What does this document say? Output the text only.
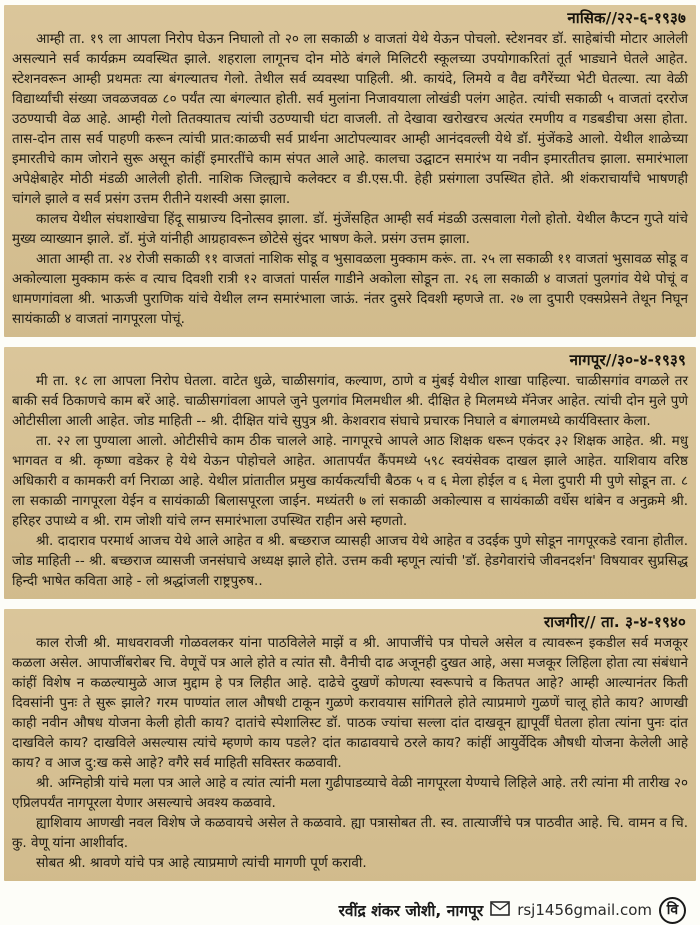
नासिक//२२-६-१९३७

आम्ही ता. १९ ला आपला निरोप घेऊन निघालो तो २० ला सकाळी ४ वाजतां येथे येऊन पोचलो. स्टेशनवर डॉ. साहेबांची मोटार आलेली असल्याने सर्व कार्यक्रम व्यवस्थित झाले. शहराला लागूनच दोन मोठे बंगले मिलिटरी स्कूलच्या उपयोगाकरितां तूर्त भाड्याने घेतले आहेत. स्टेशनवरून आम्ही प्रथमतः त्या बंगल्यातच गेलो. तेथील सर्व व्यवस्था पाहिली. श्री. कायंदे, लिमये व वैद्य वगैरेंच्या भेटी घेतल्या. त्या वेळी विद्यार्थ्यांची संख्या जवळजवळ ८० पर्यंत त्या बंगल्यात होती. सर्व मुलांना निजावयाला लोखंडी पलंग आहेत. त्यांची सकाळी ५ वाजतां दररोज उठण्याची वेळ आहे. आम्ही गेलो तितक्यातच त्यांची उठण्याची घंटा वाजली. तो देखावा खरोखरच अत्यंत रमणीय व गडबडीचा असा होता. तास-दोन तास सर्व पाहणी करून त्यांची प्रात:काळची सर्व प्रार्थना आटोपल्यावर आम्ही आनंदवल्ली येथे डॉ. मुंजेंकडे आलो. येथील शाळेच्या इमारतीचे काम जोराने सुरू असून कांहीं इमारतींचे काम संपत आले आहे. कालचा उद्घाटन समारंभ या नवीन इमारतीतच झाला. समारंभाला अपेक्षेबाहेर मोठी मंडळी आलेली होती. नाशिक जिल्ह्याचे कलेक्टर व डी.एस.पी. हेही प्रसंगाला उपस्थित होते. श्री शंकराचार्यांचे भाषणही चांगले झाले व सर्व प्रसंग उत्तम रीतीने यशस्वी असा झाला.

कालच येथील संघशाखेचा हिंदू साम्राज्य दिनोत्सव झाला. डॉ. मुंजेंसहित आम्ही सर्व मंडळी उत्सवाला गेलो होतो. येथील कैप्टन गुप्ते यांचे मुख्य व्याख्यान झाले. डॉ. मुंजे यांनीही आग्रहावरून छोटेसे सुंदर भाषण केले. प्रसंग उत्तम झाला.

आता आम्ही ता. २४ रोजी सकाळी ११ वाजतां नाशिक सोडू व भुसावळला मुक्काम करूं. ता. २५ ला सकाळी ११ वाजतां भुसावळ सोडू व अकोल्याला मुक्काम करूं व त्याच दिवशी रात्री १२ वाजतां पार्सल गाडीने अकोला सोडून ता. २६ ला सकाळी ४ वाजतां पुलगांव येथे पोचूं व धामणगांवला श्री. भाऊजी पुराणिक यांचे येथील लग्न समारंभाला जाऊं. नंतर दुसरे दिवशी म्हणजे ता. २७ ला दुपारी एक्सप्रेसने तेथून निघून सायंकाळी ४ वाजतां नागपूरला पोचूं.

नागपूर//३०-४-१९३९

मी ता. १८ ला आपला निरोप घेतला. वाटेत धुळे, चाळीसगांव, कल्याण, ठाणे व मुंबई येथील शाखा पाहिल्या. चाळीसगांव वगळले तर बाकी सर्व ठिकाणचे काम बरें आहे. चाळीसगांवला आपले जुने पुलगांव मिलमधील श्री. दीक्षित हे मिलमध्ये मॅनेजर आहेत. त्यांची दोन मुले पुणे ओटीसीला आली आहेत. जोड माहिती -- श्री. दीक्षित यांचे सुपुत्र श्री. केशवराव संघाचे प्रचारक निघाले व बंगालमध्ये कार्यविस्तार केला.

ता. २२ ला पुण्याला आलो. ओटीसीचे काम ठीक चालले आहे. नागपूरचे आपले आठ शिक्षक धरून एकंदर ३२ शिक्षक आहेत. श्री. मधु भागवत व श्री. कृष्णा वडेकर हे येथे येऊन पोहोचले आहेत. आतापर्यंत कैंपमध्ये ५९८ स्वयंसेवक दाखल झाले आहेत. याशिवाय वरिष्ठ अधिकारी व कामकरी वर्ग निराळा आहे. येथील प्रांतातील प्रमुख कार्यकर्त्यांची बैठक ५ व ६ मेला होईल व ६ मेला दुपारी मी पुणे सोडून ता. ८ ला सकाळी नागपूरला येईन व सायंकाळी बिलासपूरला जाईन. मध्यंतरी ७ लां सकाळी अकोल्यास व सायंकाळी वर्धेस थांबेन व अनुक्रमे श्री. हरिहर उपाध्ये व श्री. राम जोशी यांचे लग्न समारंभाला उपस्थित राहीन असे म्हणतो.

श्री. दादाराव परमार्थ आजच येथे आले आहेत व श्री. बच्छराज व्यासही आजच येथे आहेत व उदईक पुणे सोडून नागपूरकडे रवाना होतील. जोड माहिती -- श्री. बच्छराज व्यासजी जनसंघाचे अध्यक्ष झाले होते. उत्तम कवी म्हणून त्यांची 'डॉ. हेडगेवारांचे जीवनदर्शन' विषयावर सुप्रसिद्ध हिन्दी भाषेत कविता आहे - लो श्रद्धांजली राष्ट्रपुरुष..

राजगीर// ता. ३-४-१९४०

काल रोजी श्री. माधवरावजी गोळवलकर यांना पाठविलेले माझें व श्री. आपाजींचे पत्र पोचले असेल व त्यावरून इकडील सर्व मजकूर कळला असेल. आपाजींबरोबर चि. वेणूचें पत्र आले होते व त्यांत सौ. वैनीची दाढ अजूनही दुखत आहे, असा मजकूर लिहिला होता त्या संबंधाने कांहीं विशेष न कळल्यामुळे आज मुद्दाम हे पत्र लिहीत आहे. दाढेचे दुखणें कोणत्या स्वरूपाचे व कितपत आहे? आम्ही आल्यानंतर किती दिवसांनी पुनः ते सुरू झाले? गरम पाण्यांत लाल औषधी टाकून गुळणे करावयास सांगितले होते त्याप्रमाणे गुळणें चालू होते काय? आणखी काही नवीन औषध योजना केली होती काय? दातांचे स्पेशालिस्ट डॉ. पाठक ज्यांचा सल्ला दांत दाखवून ह्यापूर्वीं घेतला होता त्यांना पुनः दांत दाखविले काय? दाखविले असल्यास त्यांचे म्हणणे काय पडले? दांत काढावयाचे ठरले काय? कांहीं आयुर्वेदिक औषधी योजना केलेली आहे काय? व आज दु:ख कसे आहे? वगैरे सर्व माहिती सविस्तर कळवावी.

श्री. अग्निहोत्री यांचे मला पत्र आले आहे व त्यांत त्यांनी मला गुढीपाडव्याचे वेळी नागपूरला येण्याचे लिहिले आहे. तरी त्यांना मी तारीख २० एप्रिलपर्यंत नागपूरला येणार असल्याचे अवश्य कळवावे.

ह्याशिवाय आणखी नवल विशेष जे कळवायचे असेल ते कळवावे. ह्या पत्रासोबत ती. स्व. तात्याजींचे पत्र पाठवीत आहे. चि. वामन व चि. कु. वेणू यांना आशीर्वाद.

सोबत श्री. श्रावणे यांचे पत्र आहे त्याप्रमाणे त्यांची मागणी पूर्ण करावी.

रवींद्र शंकर जोशी, नागपूर rsj1456gmail.com	वि
